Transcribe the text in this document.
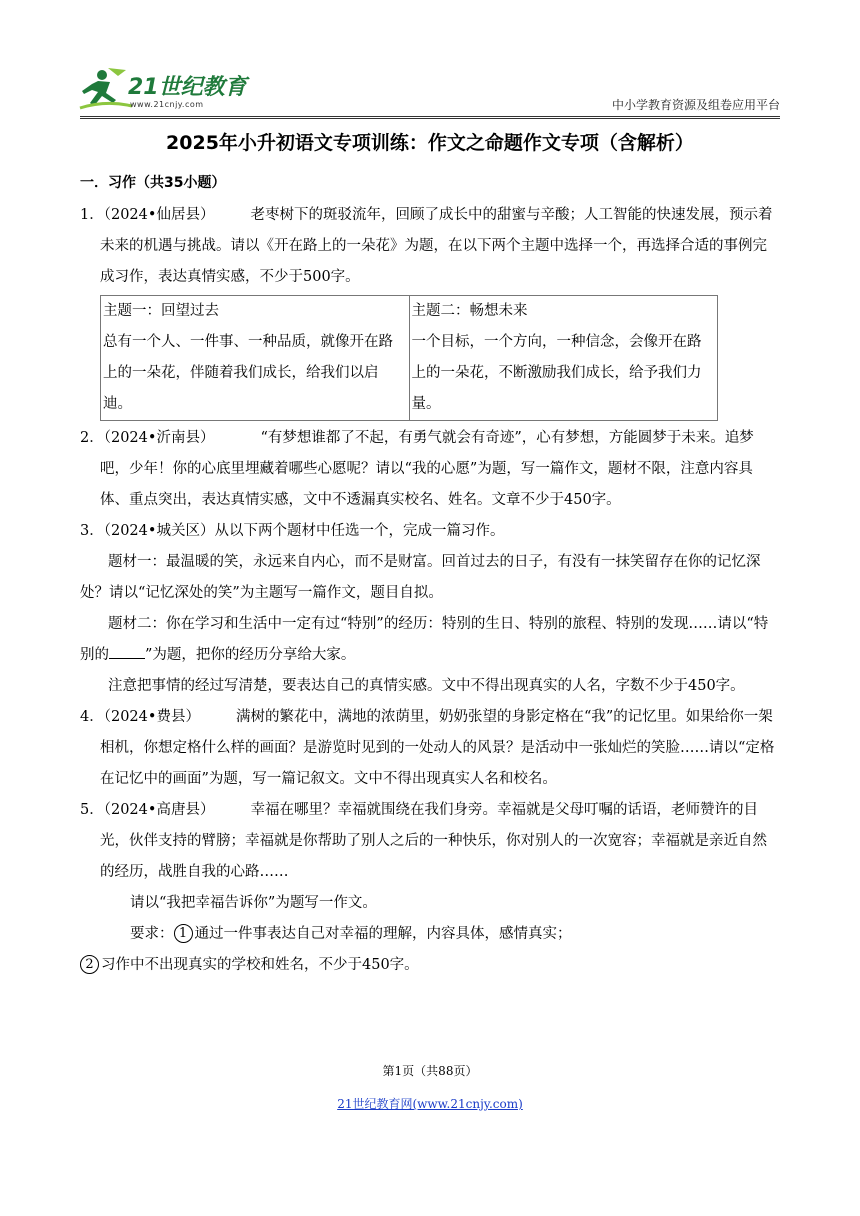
21世纪教育
www.21cnjy.com	中小学教育资源及组卷应用平台
2025年小升初语文专项训练：作文之命题作文专项（含解析）
一．习作（共35小题）

1．（2024•仙居县） 老枣树下的斑驳流年，回顾了成长中的甜蜜与辛酸；人工智能的快速发展，预示着未来的机遇与挑战。请以《开在路上的一朵花》为题，在以下两个主题中选择一个，再选择合适的事例完成习作，表达真情实感，不少于500字。

主题一：回望过去
总有一个人、一件事、一种品质，就像开在路上的一朵花，伴随着我们成长，给我们以启迪。

主题二：畅想未来
一个目标，一个方向，一种信念，会像开在路上的一朵花，不断激励我们成长，给予我们力量。

2．（2024•沂南县）	“有梦想谁都了不起，有勇气就会有奇迹”，心有梦想，方能圆梦于未来。追梦吧，少年！你的心底里埋藏着哪些心愿呢？请以“我的心愿”为题，写一篇作文，题材不限，注意内容具体、重点突出，表达真情实感，文中不透漏真实校名、姓名。文章不少于450字。

3．（2024•城关区）从以下两个题材中任选一个，完成一篇习作。

题材一：最温暖的笑，永远来自内心，而不是财富。回首过去的日子，有没有一抹笑留存在你的记忆深处？请以“记忆深处的笑”为主题写一篇作文，题目自拟。

题材二：你在学习和生活中一定有过“特别”的经历：特别的生日、特别的旅程、特别的发现……请以“特别的 ”为题，把你的经历分享给大家。

注意把事情的经过写清楚，要表达自己的真情实感。文中不得出现真实的人名，字数不少于450字。

4．（2024•费县） 满树的繁花中，满地的浓荫里，奶奶张望的身影定格在“我”的记忆里。如果给你一架相机，你想定格什么样的画面？是游览时见到的一处动人的风景？是活动中一张灿烂的笑脸……请以“定格在记忆中的画面”为题，写一篇记叙文。文中不得出现真实人名和校名。

5．（2024•高唐县） 幸福在哪里？幸福就围绕在我们身旁。幸福就是父母叮嘱的话语，老师赞许的目光，伙伴支持的臂膀；幸福就是你帮助了别人之后的一种快乐，你对别人的一次宽容；幸福就是亲近自然的经历，战胜自我的心路……

请以“我把幸福告诉你”为题写一作文。

要求： 1 通过一件事表达自己对幸福的理解，内容具体，感情真实；

2 习作中不出现真实的学校和姓名，不少于450字。

第1页（共88页）
21世纪教育网(www.21cnjy.com)
